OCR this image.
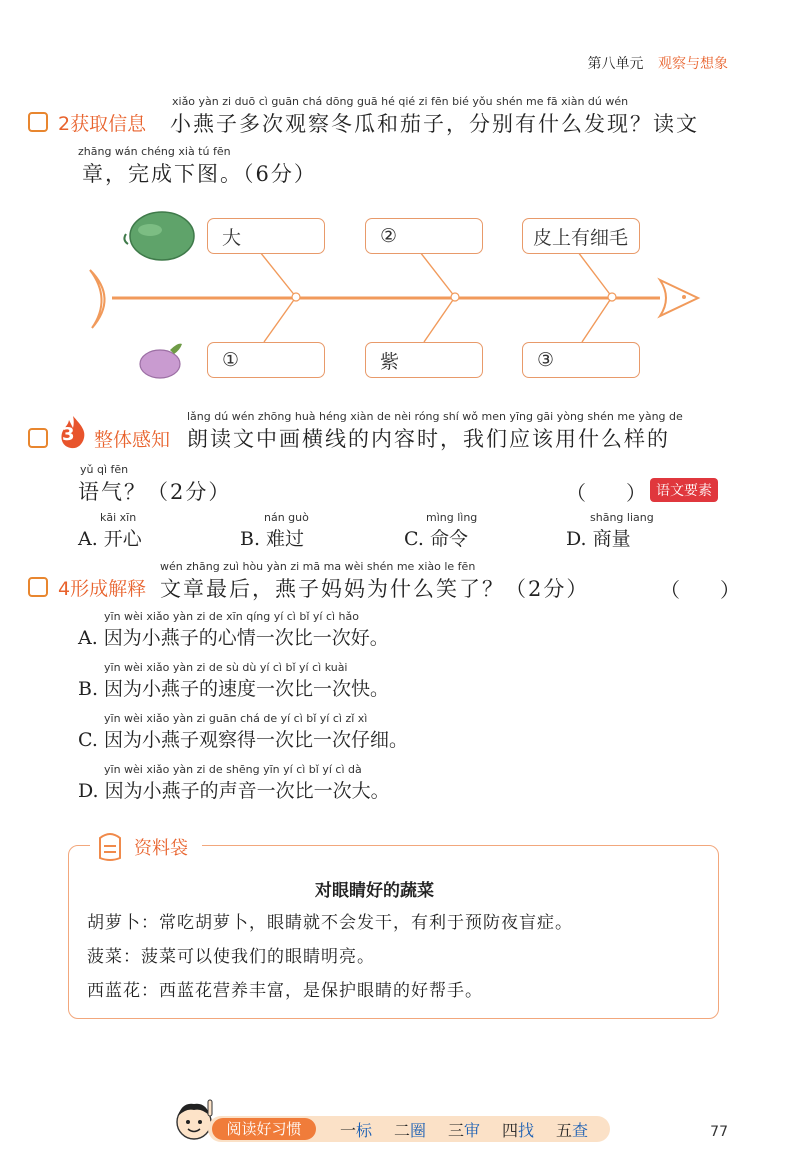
第八单元 观察与想象
2获取信息
xiǎo yàn zi duō cì guān chá dōng guā hé qié zi fēn bié yǒu shén me fā xiàn dú wén
小燕子多次观察冬瓜和茄子，分别有什么发现？读文
zhāng wán chéng xià tú fēn
章，完成下图。（6分）
大	②	皮上有细毛
①	紫	③
3 整体感知
lǎng dú wén zhōng huà héng xiàn de nèi róng shí wǒ men yīng gāi yòng shén me yàng de
朗读文中画横线的内容时，我们应该用什么样的
yǔ qì fēn
语气？（2分）	（　　） 语文要素
kāi xīn
A. 开心
nán guò
B. 难过
mìng lìng
C. 命令
shāng liang
D. 商量
4形成解释
wén zhāng zuì hòu yàn zi mā ma wèi shén me xiào le fēn
文章最后，燕子妈妈为什么笑了？（2分）	（　　）
yīn wèi xiǎo yàn zi de xīn qíng yí cì bǐ yí cì hǎo
A. 因为小燕子的心情一次比一次好。
yīn wèi xiǎo yàn zi de sù dù yí cì bǐ yí cì kuài
B. 因为小燕子的速度一次比一次快。
yīn wèi xiǎo yàn zi guān chá de yí cì bǐ yí cì zǐ xì
C. 因为小燕子观察得一次比一次仔细。
yīn wèi xiǎo yàn zi de shēng yīn yí cì bǐ yí cì dà
D. 因为小燕子的声音一次比一次大。
资料袋
对眼睛好的蔬菜
胡萝卜：常吃胡萝卜，眼睛就不会发干，有利于预防夜盲症。
菠菜：菠菜可以使我们的眼睛明亮。
西蓝花：西蓝花营养丰富，是保护眼睛的好帮手。
阅读好习惯	一标 二圈 三审 四找 五查	77
